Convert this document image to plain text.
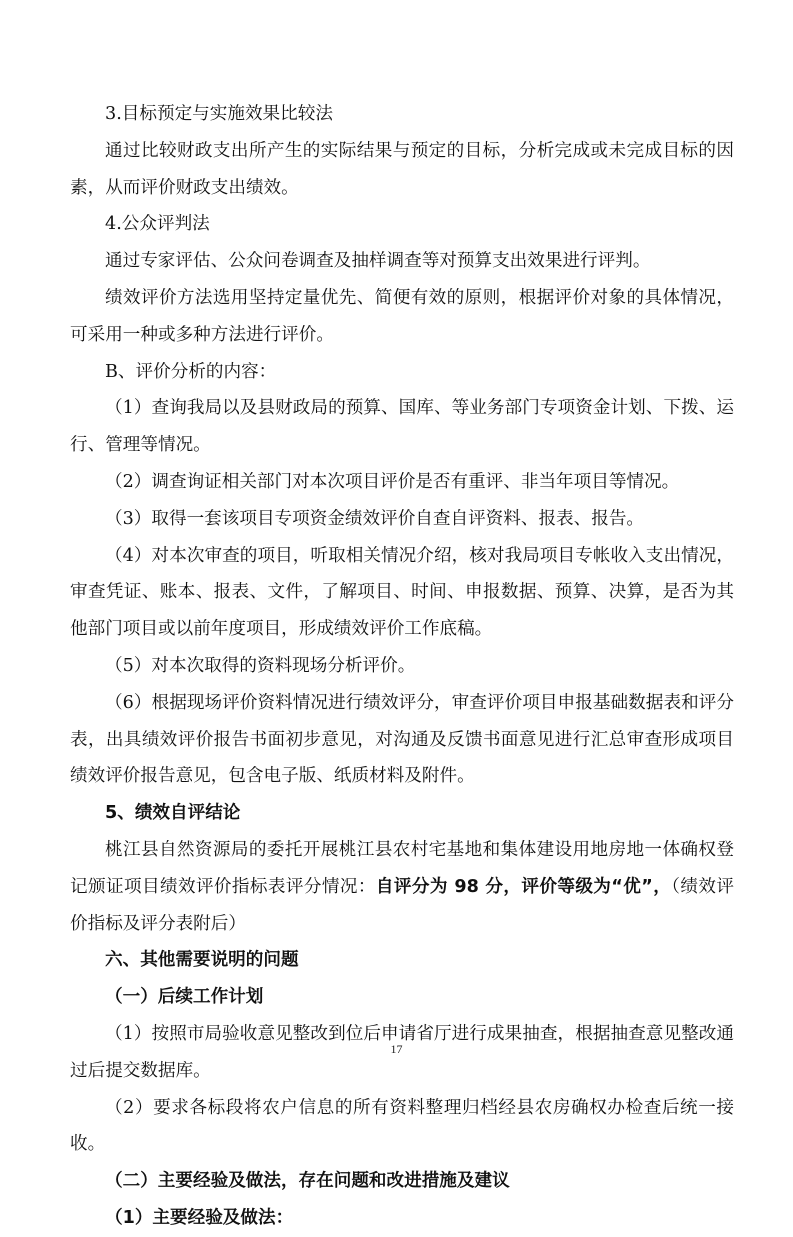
3.目标预定与实施效果比较法

通过比较财政支出所产生的实际结果与预定的目标，分析完成或未完成目标的因素，从而评价财政支出绩效。

4.公众评判法

通过专家评估、公众问卷调查及抽样调查等对预算支出效果进行评判。

绩效评价方法选用坚持定量优先、简便有效的原则，根据评价对象的具体情况，可采用一种或多种方法进行评价。

B、评价分析的内容：

（1）查询我局以及县财政局的预算、国库、等业务部门专项资金计划、下拨、运行、管理等情况。

（2）调查询证相关部门对本次项目评价是否有重评、非当年项目等情况。

（3）取得一套该项目专项资金绩效评价自查自评资料、报表、报告。

（4）对本次审查的项目，听取相关情况介绍，核对我局项目专帐收入支出情况，审查凭证、账本、报表、文件，了解项目、时间、申报数据、预算、决算，是否为其他部门项目或以前年度项目，形成绩效评价工作底稿。

（5）对本次取得的资料现场分析评价。

（6）根据现场评价资料情况进行绩效评分，审查评价项目申报基础数据表和评分表，出具绩效评价报告书面初步意见，对沟通及反馈书面意见进行汇总审查形成项目绩效评价报告意见，包含电子版、纸质材料及附件。

5、绩效自评结论

桃江县自然资源局的委托开展桃江县农村宅基地和集体建设用地房地一体确权登记颁证项目绩效评价指标表评分情况：自评分为 98 分，评价等级为“优”，（绩效评价指标及评分表附后）

六、其他需要说明的问题

（一）后续工作计划

（1）按照市局验收意见整改到位后申请省厅进行成果抽查，根据抽查意见整改通过后提交数据库。

（2）要求各标段将农户信息的所有资料整理归档经县农房确权办检查后统一接收。

（二）主要经验及做法，存在问题和改进措施及建议

（1）主要经验及做法：

17
